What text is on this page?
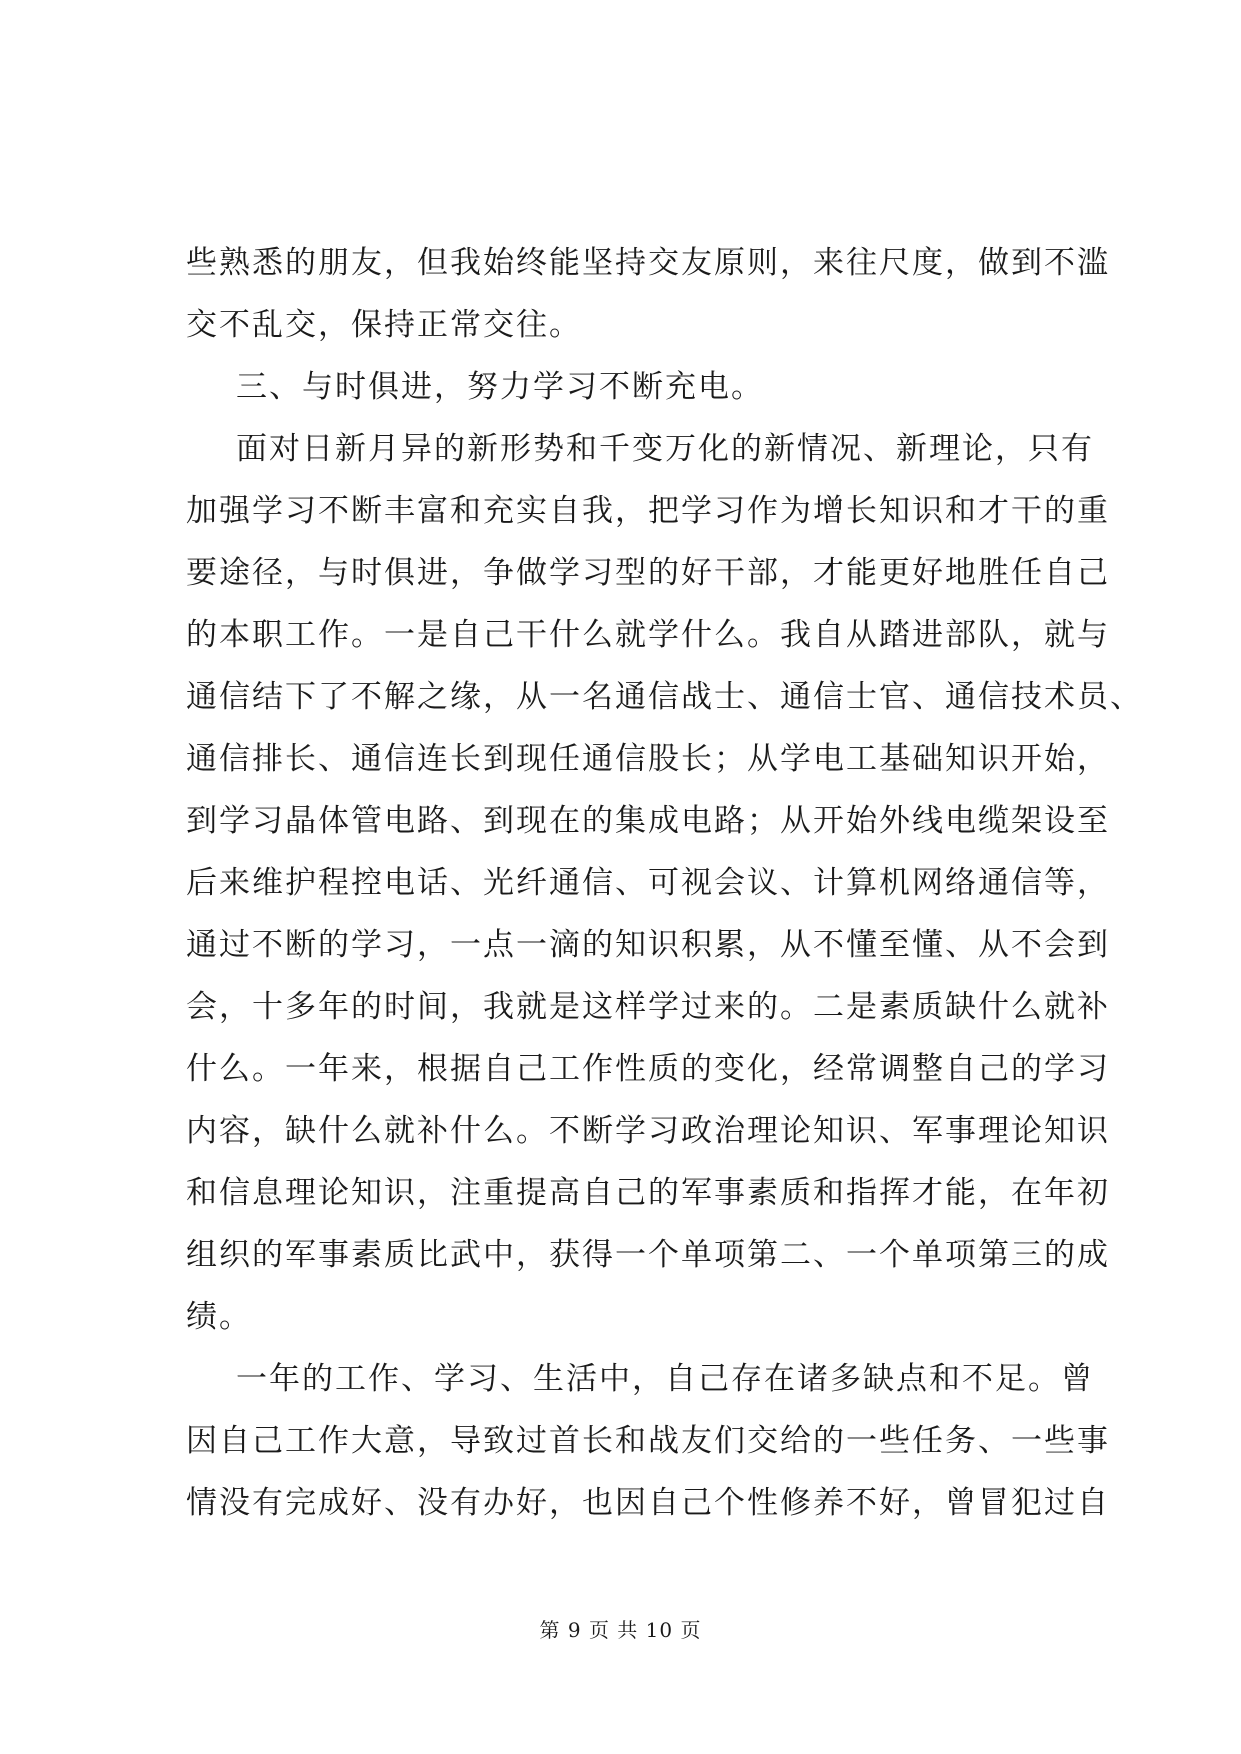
些熟悉的朋友，但我始终能坚持交友原则，来往尺度，做到不滥
交不乱交，保持正常交往。
三、与时俱进，努力学习不断充电。
面对日新月异的新形势和千变万化的新情况、新理论，只有
加强学习不断丰富和充实自我，把学习作为增长知识和才干的重
要途径，与时俱进，争做学习型的好干部，才能更好地胜任自己
的本职工作。一是自己干什么就学什么。我自从踏进部队，就与
通信结下了不解之缘，从一名通信战士、通信士官、通信技术员、
通信排长、通信连长到现任通信股长；从学电工基础知识开始，
到学习晶体管电路、到现在的集成电路；从开始外线电缆架设至
后来维护程控电话、光纤通信、可视会议、计算机网络通信等，
通过不断的学习，一点一滴的知识积累，从不懂至懂、从不会到
会，十多年的时间，我就是这样学过来的。二是素质缺什么就补
什么。一年来，根据自己工作性质的变化，经常调整自己的学习
内容，缺什么就补什么。不断学习政治理论知识、军事理论知识
和信息理论知识，注重提高自己的军事素质和指挥才能，在年初
组织的军事素质比武中，获得一个单项第二、一个单项第三的成
绩。
一年的工作、学习、生活中，自己存在诸多缺点和不足。曾
因自己工作大意，导致过首长和战友们交给的一些任务、一些事
情没有完成好、没有办好，也因自己个性修养不好，曾冒犯过自
第 9 页 共 10 页
